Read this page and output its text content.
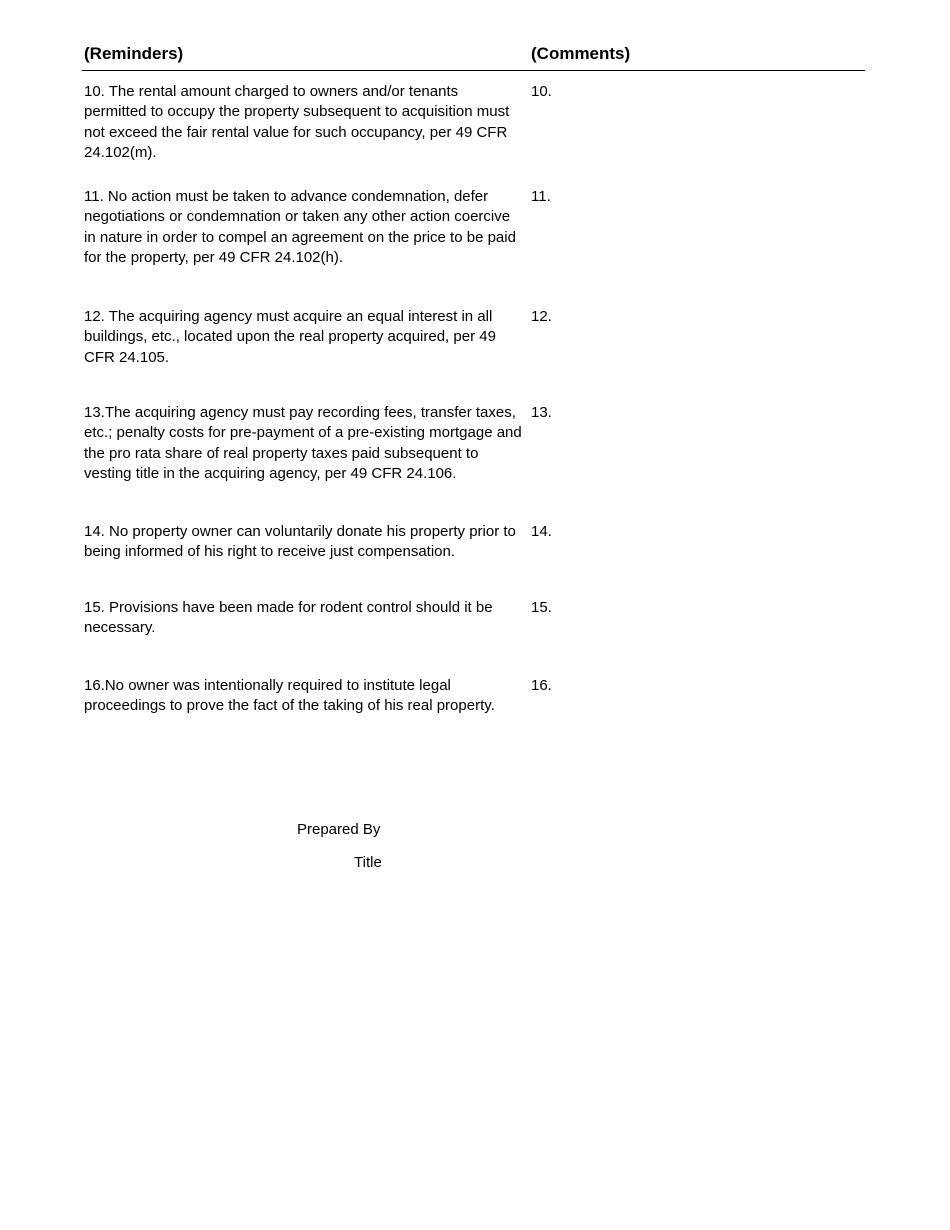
(Reminders)	(Comments)
10. The rental amount charged to owners and/or tenants permitted to occupy the property subsequent to acquisition must not exceed the fair rental value for such occupancy, per 49 CFR 24.102(m).
10.
11. No action must be taken to advance condemnation, defer negotiations or condemnation or taken any other action coercive in nature in order to compel an agreement on the price to be paid for the property, per 49 CFR 24.102(h).
11.
12. The acquiring agency must acquire an equal interest in all buildings, etc., located upon the real property acquired, per 49 CFR 24.105.
12.
13.The acquiring agency must pay recording fees, transfer taxes, etc.; penalty costs for pre-payment of a pre-existing mortgage and the pro rata share of real property taxes paid subsequent to vesting title in the acquiring agency, per 49 CFR 24.106.
13.
14. No property owner can voluntarily donate his property prior to being informed of his right to receive just compensation.
14.
15. Provisions have been made for rodent control should it be necessary.
15.
16.No owner was intentionally required to institute legal proceedings to prove the fact of the taking of his real property.
16.
Prepared By
Title
